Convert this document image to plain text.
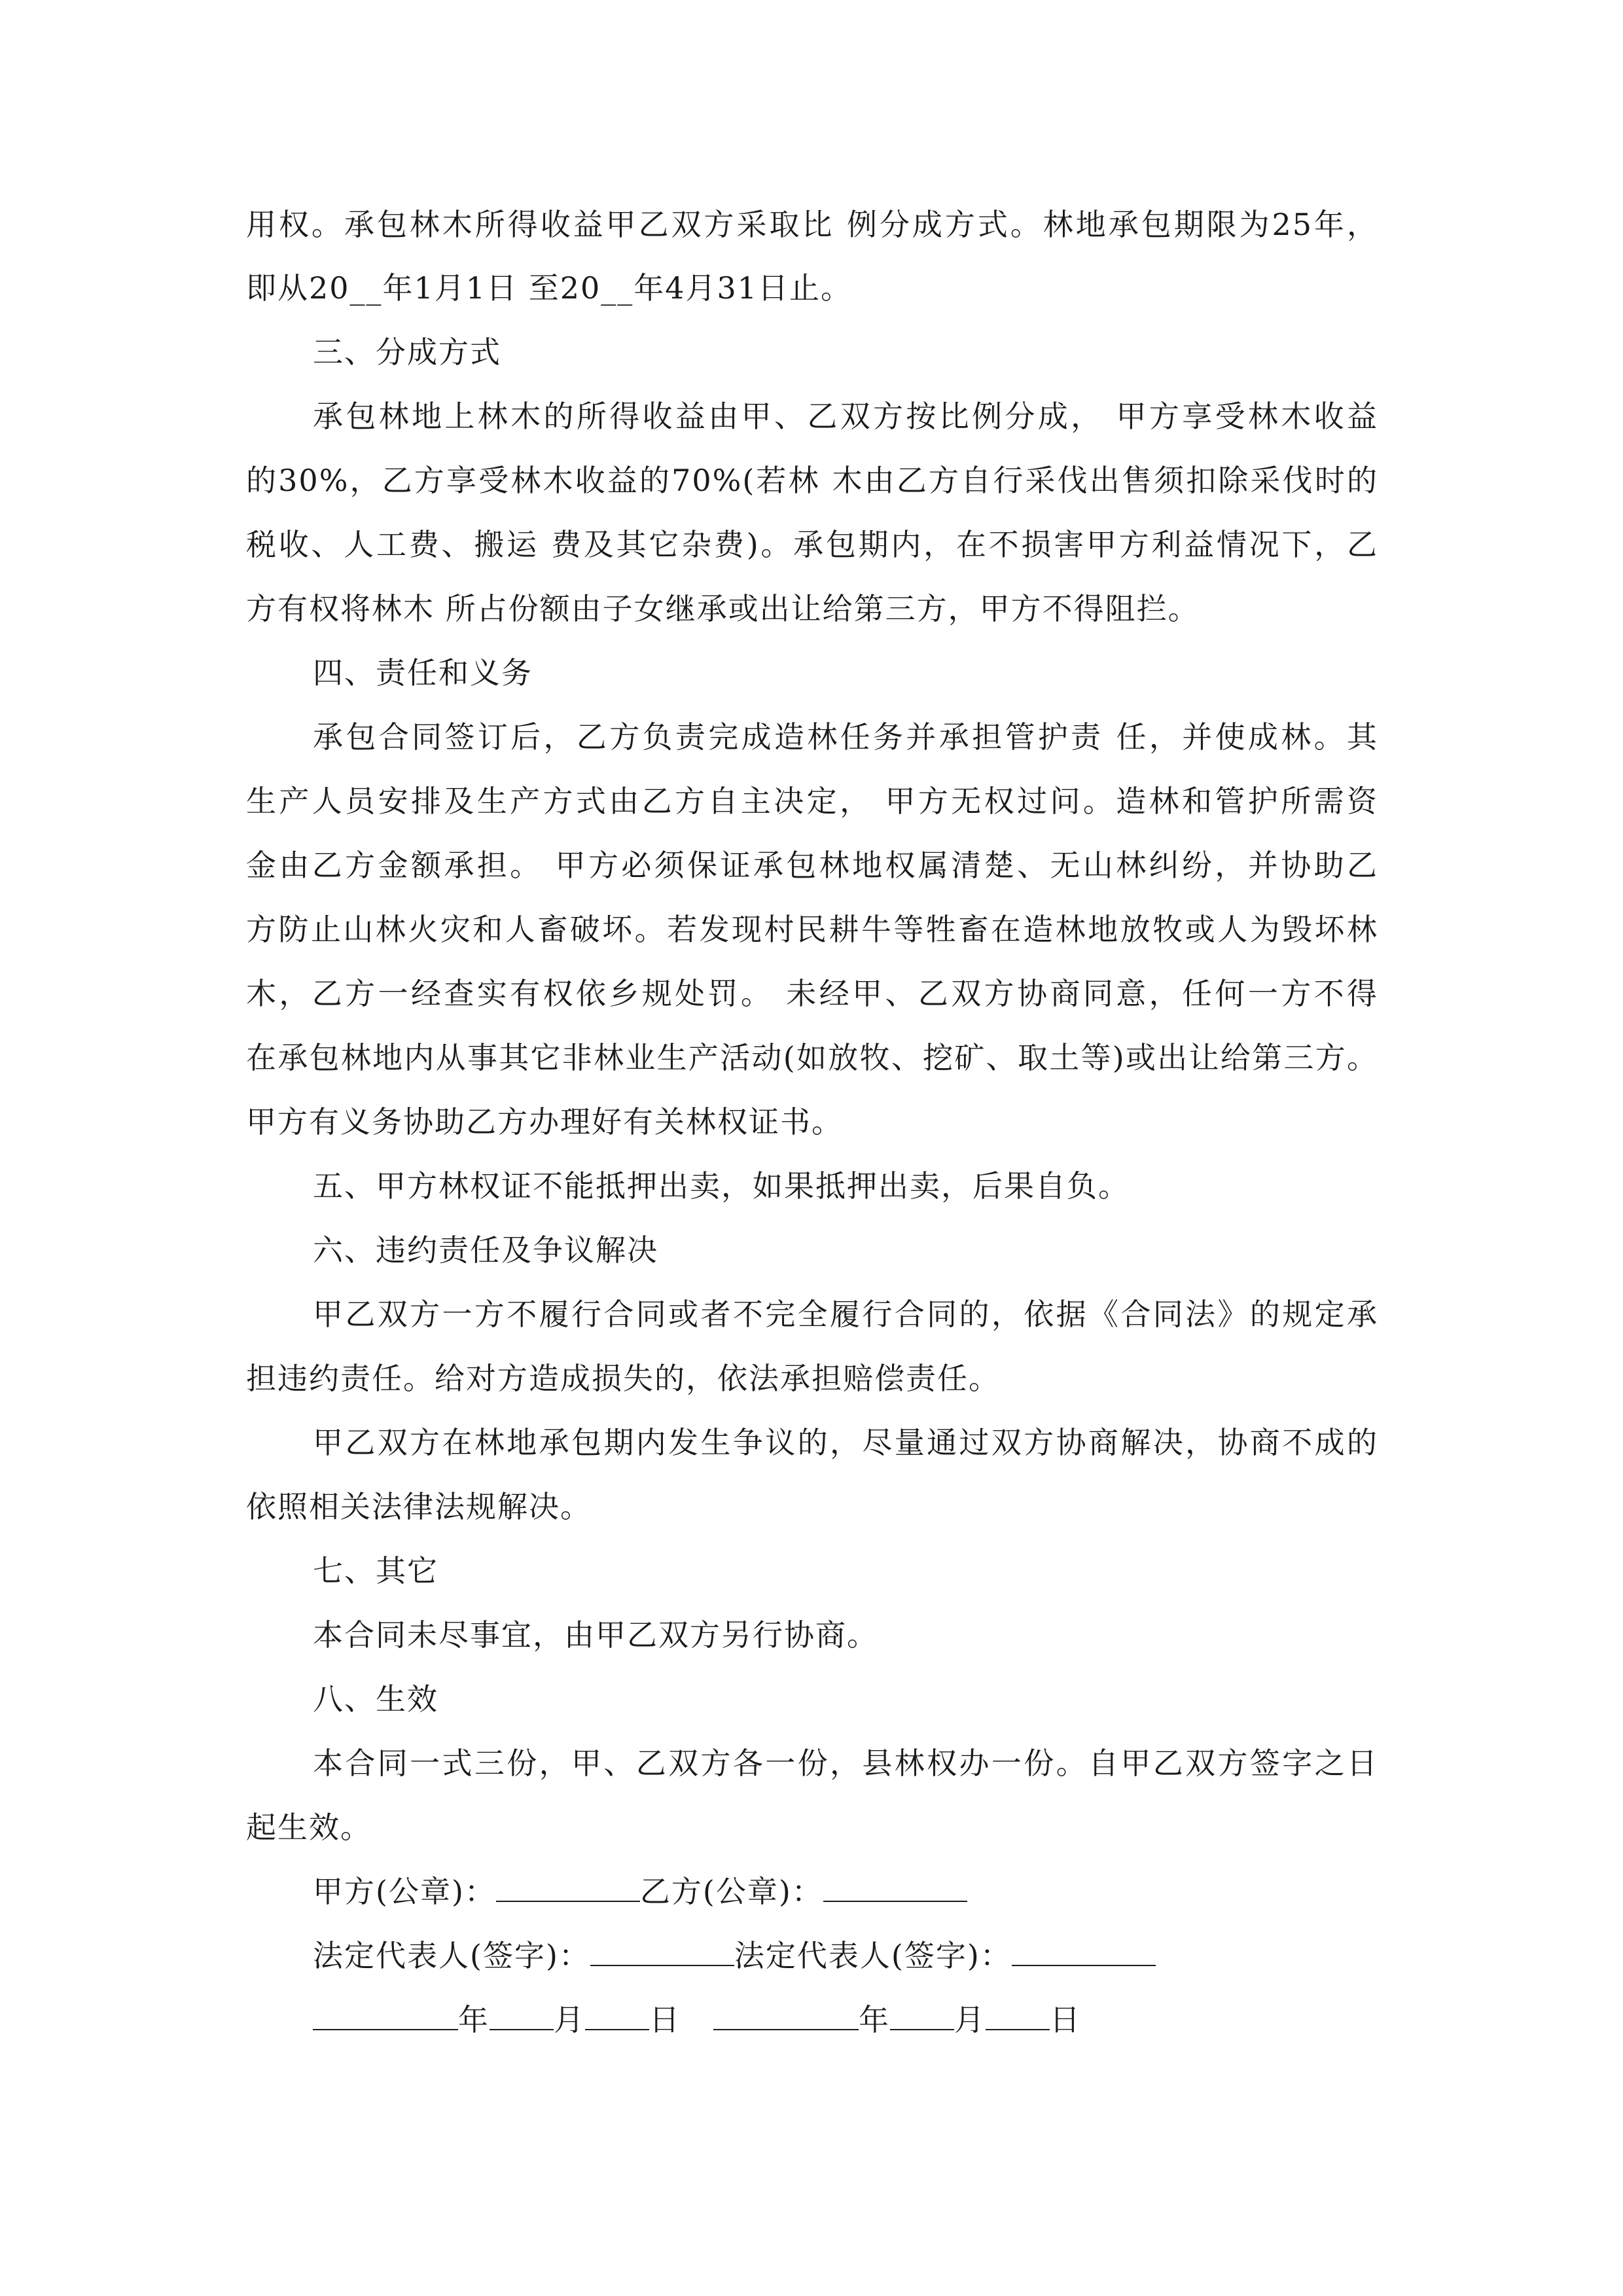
用权。承包林木所得收益甲乙双方采取比 例分成方式。林地承包期限为25年，
即从20__年1月1日 至20__年4月31日止。
三、分成方式
承包林地上林木的所得收益由甲、乙双方按比例分成， 甲方享受林木收益
的30%，乙方享受林木收益的70%(若林 木由乙方自行采伐出售须扣除采伐时的
税收、人工费、搬运 费及其它杂费)。承包期内，在不损害甲方利益情况下，乙
方有权将林木 所占份额由子女继承或出让给第三方，甲方不得阻拦。
四、责任和义务
承包合同签订后，乙方负责完成造林任务并承担管护责 任，并使成林。其
生产人员安排及生产方式由乙方自主决定， 甲方无权过问。造林和管护所需资
金由乙方金额承担。 甲方必须保证承包林地权属清楚、无山林纠纷，并协助乙
方防止山林火灾和人畜破坏。若发现村民耕牛等牲畜在造林地放牧或人为毁坏林
木，乙方一经查实有权依乡规处罚。 未经甲、乙双方协商同意，任何一方不得
在承包林地内从事其它非林业生产活动(如放牧、挖矿、取土等)或出让给第三方。
甲方有义务协助乙方办理好有关林权证书。
五、甲方林权证不能抵押出卖，如果抵押出卖，后果自负。
六、违约责任及争议解决
甲乙双方一方不履行合同或者不完全履行合同的，依据《合同法》的规定承
担违约责任。给对方造成损失的，依法承担赔偿责任。
甲乙双方在林地承包期内发生争议的，尽量通过双方协商解决，协商不成的
依照相关法律法规解决。
七、其它
本合同未尽事宜，由甲乙双方另行协商。
八、生效
本合同一式三份，甲、乙双方各一份，县林权办一份。自甲乙双方签字之日
起生效。
甲方(公章)：	乙方(公章)：
法定代表人(签字)：	法定代表人(签字)：
年 月 日	年 月 日
